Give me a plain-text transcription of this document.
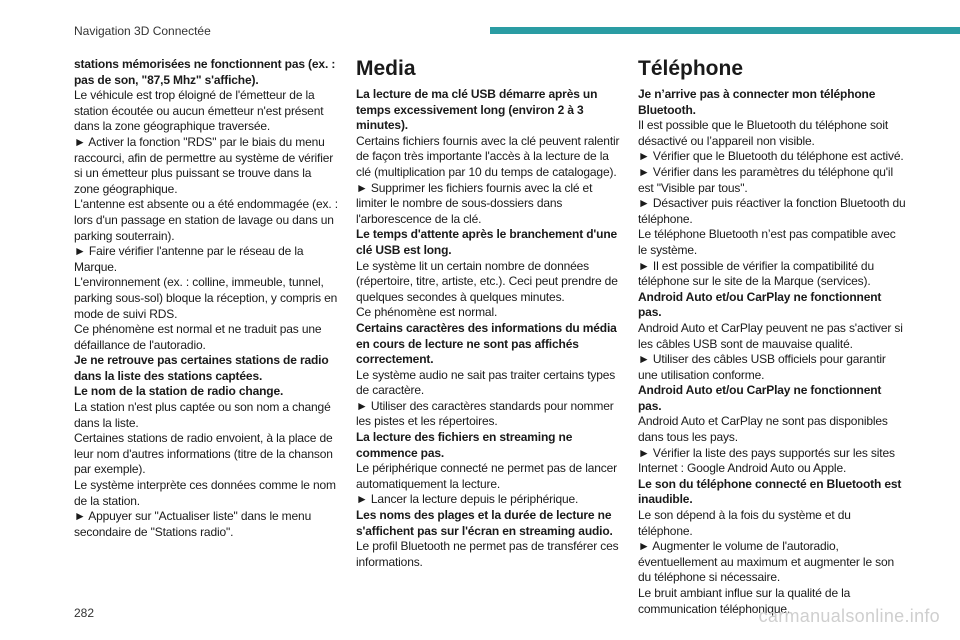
Navigation 3D Connectée

stations mémorisées ne fonctionnent pas (ex. : pas de son, "87,5 Mhz" s'affiche).

Le véhicule est trop éloigné de l'émetteur de la station écoutée ou aucun émetteur n'est présent dans la zone géographique traversée.

► Activer la fonction "RDS" par le biais du menu raccourci, afin de permettre au système de vérifier si un émetteur plus puissant se trouve dans la zone géographique.

L'antenne est absente ou a été endommagée (ex. : lors d'un passage en station de lavage ou dans un parking souterrain).

► Faire vérifier l'antenne par le réseau de la Marque.

L'environnement (ex. : colline, immeuble, tunnel, parking sous-sol) bloque la réception, y compris en mode de suivi RDS.

Ce phénomène est normal et ne traduit pas une défaillance de l'autoradio.

Je ne retrouve pas certaines stations de radio dans la liste des stations captées.

Le nom de la station de radio change.

La station n'est plus captée ou son nom a changé dans la liste.

Certaines stations de radio envoient, à la place de leur nom d'autres informations (titre de la chanson par exemple).

Le système interprète ces données comme le nom de la station.

► Appuyer sur "Actualiser liste" dans le menu secondaire de "Stations radio".

Media

La lecture de ma clé USB démarre après un temps excessivement long (environ 2 à 3 minutes).

Certains fichiers fournis avec la clé peuvent ralentir de façon très importante l'accès à la lecture de la clé (multiplication par 10 du temps de catalogage).

► Supprimer les fichiers fournis avec la clé et limiter le nombre de sous-dossiers dans l'arborescence de la clé.

Le temps d'attente après le branchement d'une clé USB est long.

Le système lit un certain nombre de données (répertoire, titre, artiste, etc.). Ceci peut prendre de quelques secondes à quelques minutes.

Ce phénomène est normal.

Certains caractères des informations du média en cours de lecture ne sont pas affichés correctement.

Le système audio ne sait pas traiter certains types de caractère.

► Utiliser des caractères standards pour nommer les pistes et les répertoires.

La lecture des fichiers en streaming ne commence pas.

Le périphérique connecté ne permet pas de lancer automatiquement la lecture.

► Lancer la lecture depuis le périphérique.

Les noms des plages et la durée de lecture ne s'affichent pas sur l'écran en streaming audio.

Le profil Bluetooth ne permet pas de transférer ces informations.

Téléphone

Je n’arrive pas à connecter mon téléphone Bluetooth.

Il est possible que le Bluetooth du téléphone soit désactivé ou l’appareil non visible.

► Vérifier que le Bluetooth du téléphone est activé.

► Vérifier dans les paramètres du téléphone qu'il est "Visible par tous".

► Désactiver puis réactiver la fonction Bluetooth du téléphone.

Le téléphone Bluetooth n’est pas compatible avec le système.

► Il est possible de vérifier la compatibilité du téléphone sur le site de la Marque (services).

Android Auto et/ou CarPlay ne fonctionnent pas.

Android Auto et CarPlay peuvent ne pas s'activer si les câbles USB sont de mauvaise qualité.

► Utiliser des câbles USB officiels pour garantir une utilisation conforme.

Android Auto et/ou CarPlay ne fonctionnent pas.

Android Auto et CarPlay ne sont pas disponibles dans tous les pays.

► Vérifier la liste des pays supportés sur les sites Internet : Google Android Auto ou Apple.

Le son du téléphone connecté en Bluetooth est inaudible.

Le son dépend à la fois du système et du téléphone.

► Augmenter le volume de l'autoradio, éventuellement au maximum et augmenter le son du téléphone si nécessaire.

Le bruit ambiant influe sur la qualité de la communication téléphonique.

282	carmanualsonline.info
